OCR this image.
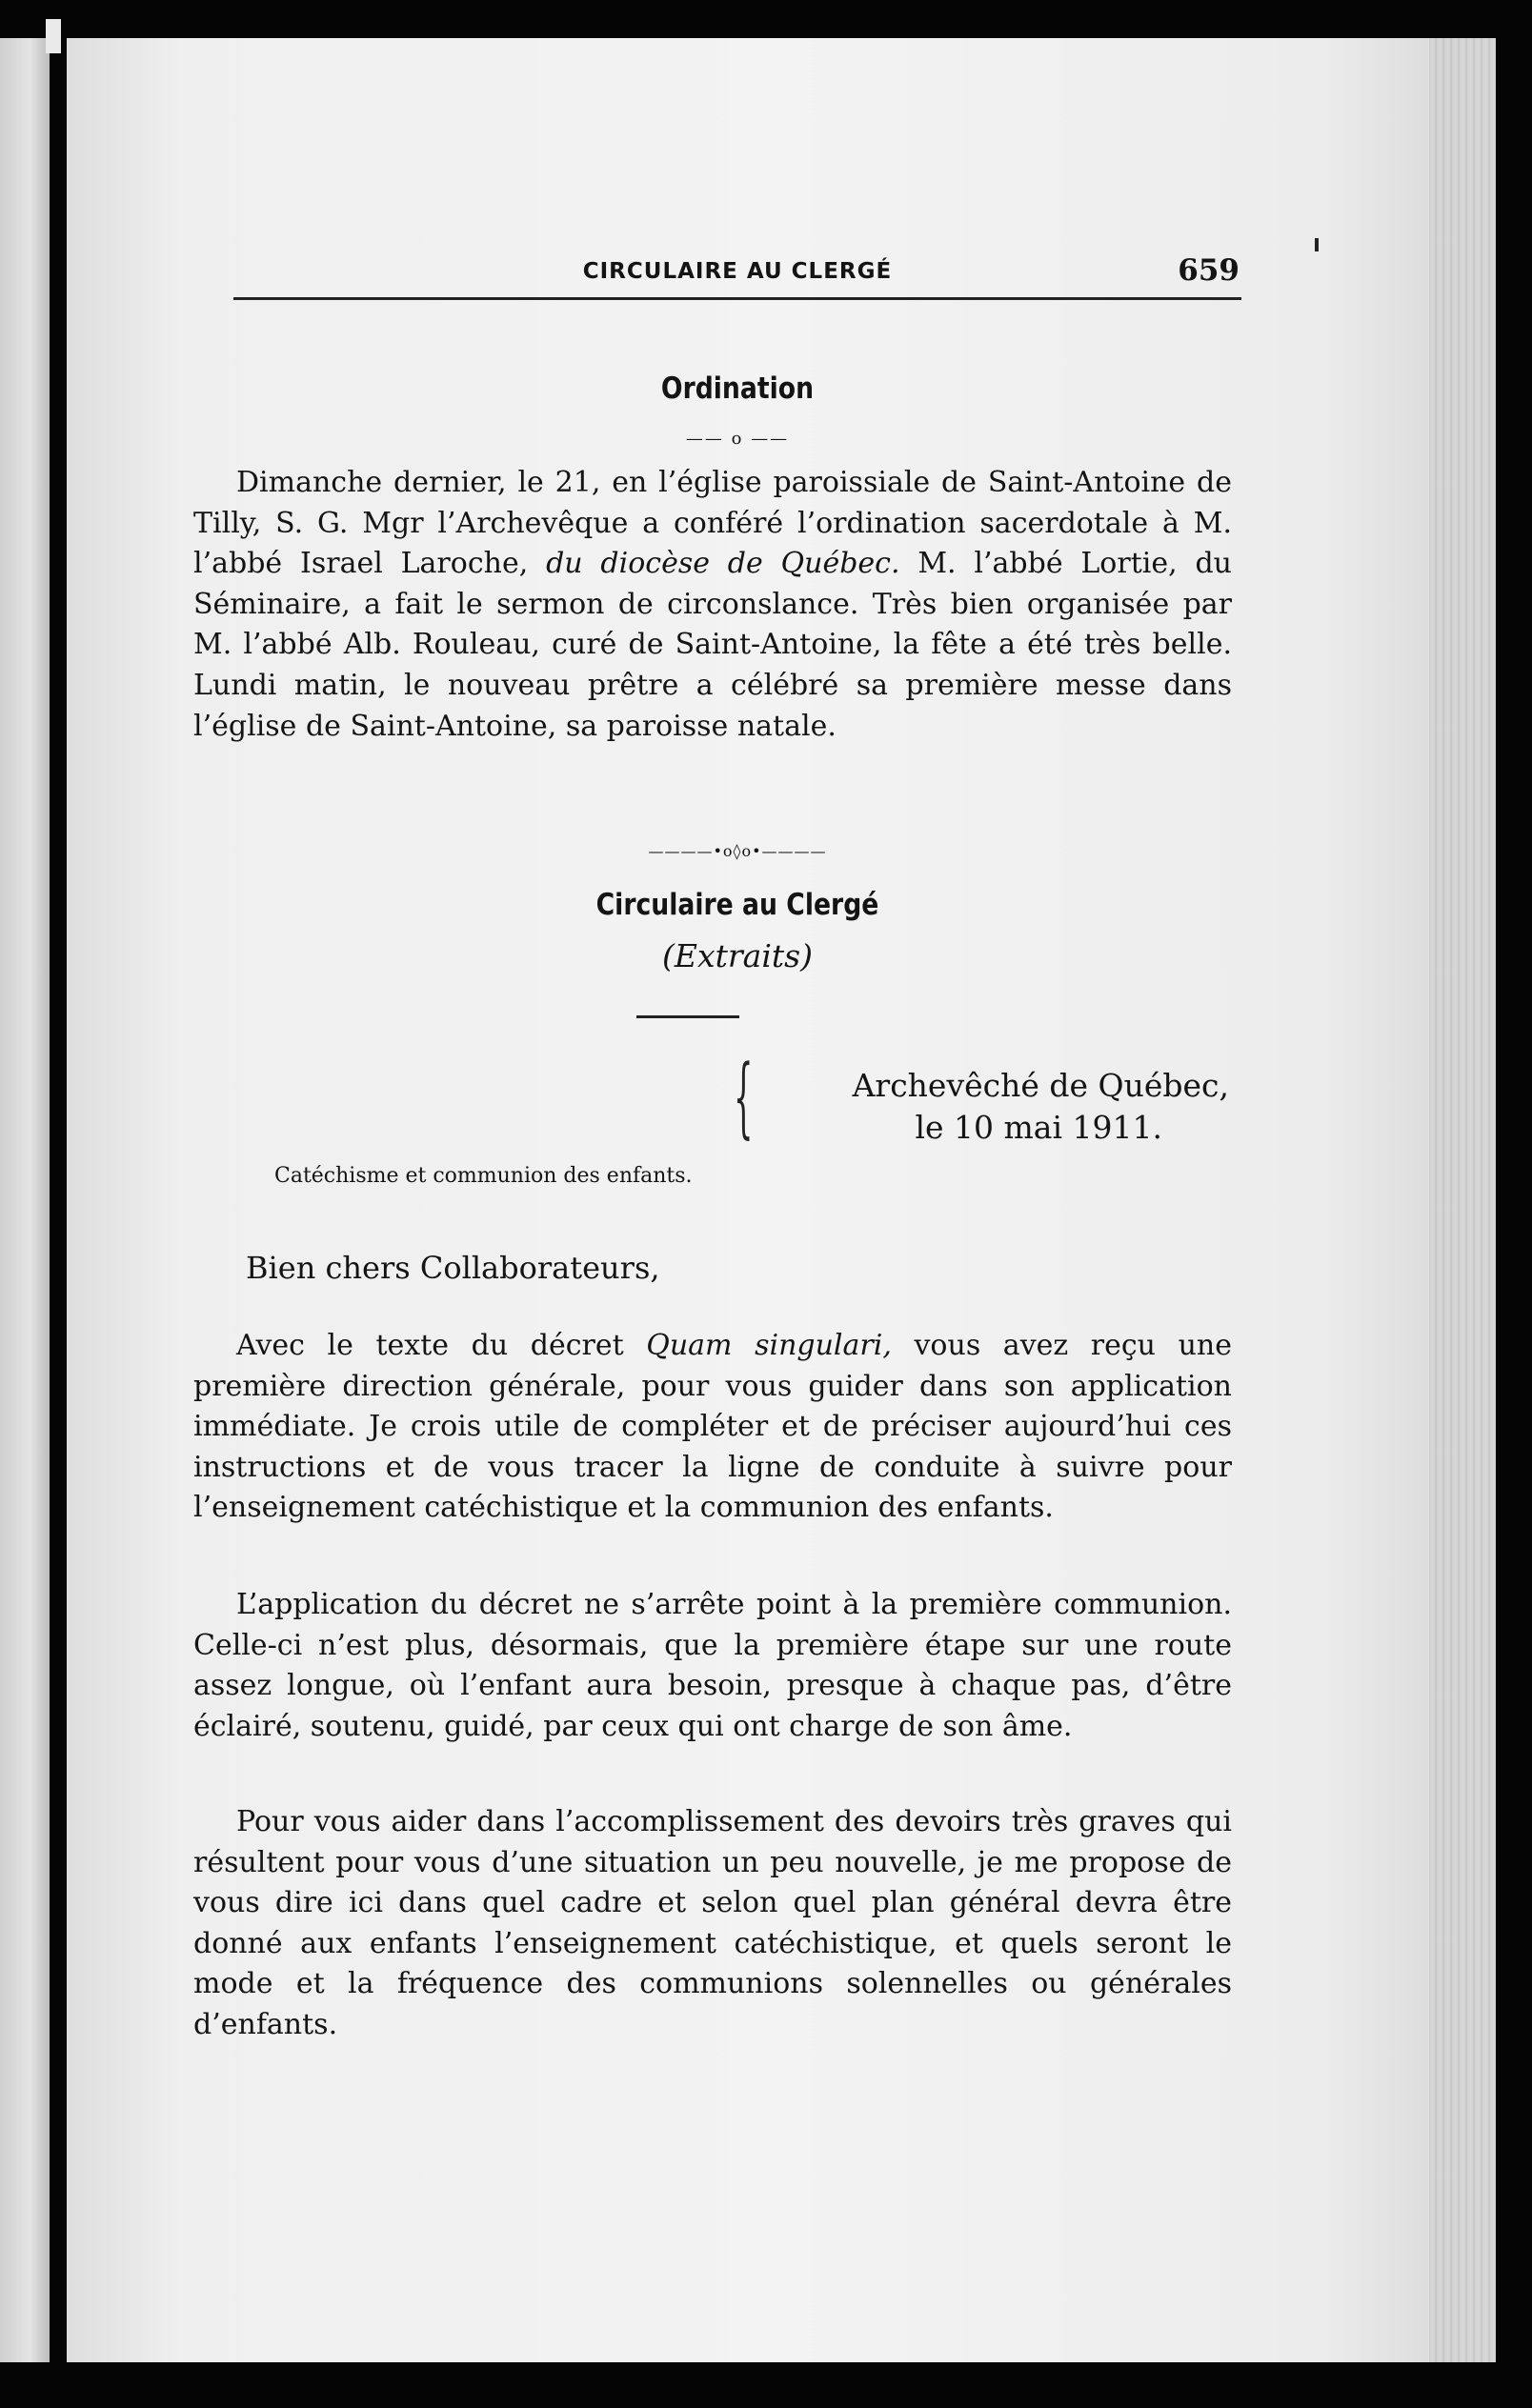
CIRCULAIRE AU CLERGÉ	659
Ordination
—— o ——

Dimanche dernier, le 21, en l’église paroissiale de Saint-Antoine de Tilly, S. G. Mgr l’Archevêque a conféré l’ordination sacerdotale à M. l’abbé Israel Laroche, du diocèse de Québec. M. l’abbé Lortie, du Séminaire, a fait le sermon de circonslance. Très bien organisée par M. l’abbé Alb. Rouleau, curé de Saint-Antoine, la fête a été très belle. Lundi matin, le nouveau prêtre a célébré sa première messe dans l’église de Saint-Antoine, sa paroisse natale.

————•o◊o•————
Circulaire au Clergé
(Extraits)
{	Archevêché de Québec,
le 10 mai 1911.
Catéchisme et communion des enfants.
Bien chers Collaborateurs,

Avec le texte du décret Quam singulari, vous avez reçu une première direction générale, pour vous guider dans son application immédiate. Je crois utile de compléter et de préciser aujourd’hui ces instructions et de vous tracer la ligne de conduite à suivre pour l’enseignement catéchistique et la communion des enfants.

L’application du décret ne s’arrête point à la première communion. Celle-ci n’est plus, désormais, que la première étape sur une route assez longue, où l’enfant aura besoin, presque à chaque pas, d’être éclairé, soutenu, guidé, par ceux qui ont charge de son âme.

Pour vous aider dans l’accomplissement des devoirs très graves qui résultent pour vous d’une situation un peu nouvelle, je me propose de vous dire ici dans quel cadre et selon quel plan général devra être donné aux enfants l’enseignement catéchistique, et quels seront le mode et la fréquence des communions solennelles ou générales d’enfants.
